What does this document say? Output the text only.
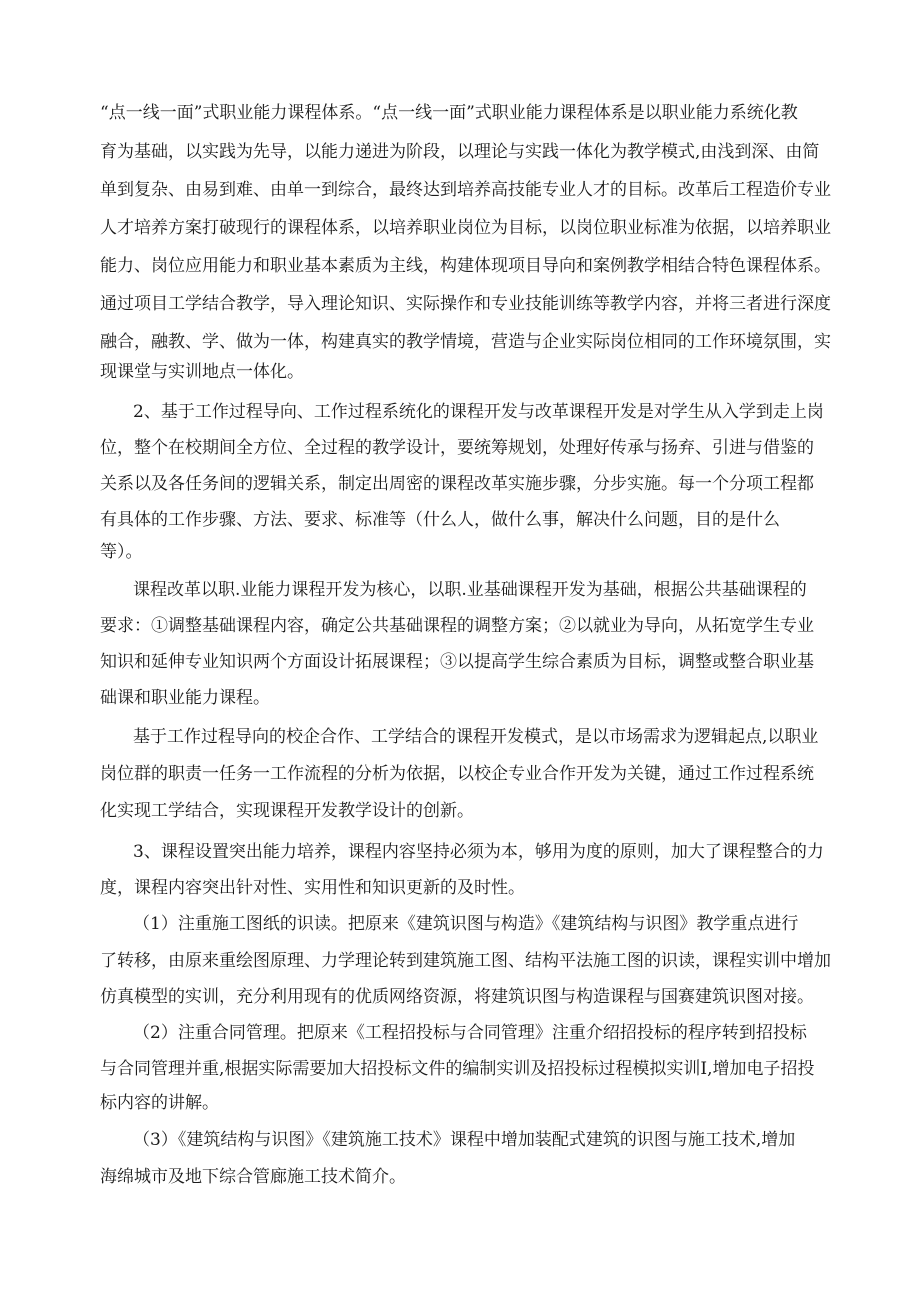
“点一线一面”式职业能力课程体系。“点一线一面”式职业能力课程体系是以职业能力系统化教
育为基础，以实践为先导，以能力递进为阶段，以理论与实践一体化为教学模式,由浅到深、由简
单到复杂、由易到难、由单一到综合，最终达到培养高技能专业人才的目标。改革后工程造价专业
人才培养方案打破现行的课程体系，以培养职业岗位为目标，以岗位职业标准为依据，以培养职业
能力、岗位应用能力和职业基本素质为主线，构建体现项目导向和案例教学相结合特色课程体系。
通过项目工学结合教学，导入理论知识、实际操作和专业技能训练等教学内容，并将三者进行深度
融合，融教、学、做为一体，构建真实的教学情境，营造与企业实际岗位相同的工作环境氛围，实
现课堂与实训地点一体化。
2、基于工作过程导向、工作过程系统化的课程开发与改革课程开发是对学生从入学到走上岗
位，整个在校期间全方位、全过程的教学设计，要统筹规划，处理好传承与扬弃、引进与借鉴的
关系以及各任务间的逻辑关系，制定出周密的课程改革实施步骤，分步实施。每一个分项工程都
有具体的工作步骤、方法、要求、标准等（什么人，做什么事，解决什么问题，目的是什么
等）。
课程改革以职.业能力课程开发为核心，以职.业基础课程开发为基础，根据公共基础课程的
要求：①调整基础课程内容，确定公共基础课程的调整方案；②以就业为导向，从拓宽学生专业
知识和延伸专业知识两个方面设计拓展课程；③以提高学生综合素质为目标，调整或整合职业基
础课和职业能力课程。
基于工作过程导向的校企合作、工学结合的课程开发模式，是以市场需求为逻辑起点,以职业
岗位群的职责一任务一工作流程的分析为依据，以校企专业合作开发为关键，通过工作过程系统
化实现工学结合，实现课程开发教学设计的创新。
3、课程设置突出能力培养，课程内容坚持必须为本，够用为度的原则，加大了课程整合的力
度，课程内容突出针对性、实用性和知识更新的及时性。
（1）注重施工图纸的识读。把原来《建筑识图与构造》《建筑结构与识图》教学重点进行
了转移，由原来重绘图原理、力学理论转到建筑施工图、结构平法施工图的识读，课程实训中增加
仿真模型的实训，充分利用现有的优质网络资源，将建筑识图与构造课程与国赛建筑识图对接。
（2）注重合同管理。把原来《工程招投标与合同管理》注重介绍招投标的程序转到招投标
与合同管理并重,根据实际需要加大招投标文件的编制实训及招投标过程模拟实训I,增加电子招投
标内容的讲解。
（3）《建筑结构与识图》《建筑施工技术》课程中增加装配式建筑的识图与施工技术,增加
海绵城市及地下综合管廊施工技术简介。
